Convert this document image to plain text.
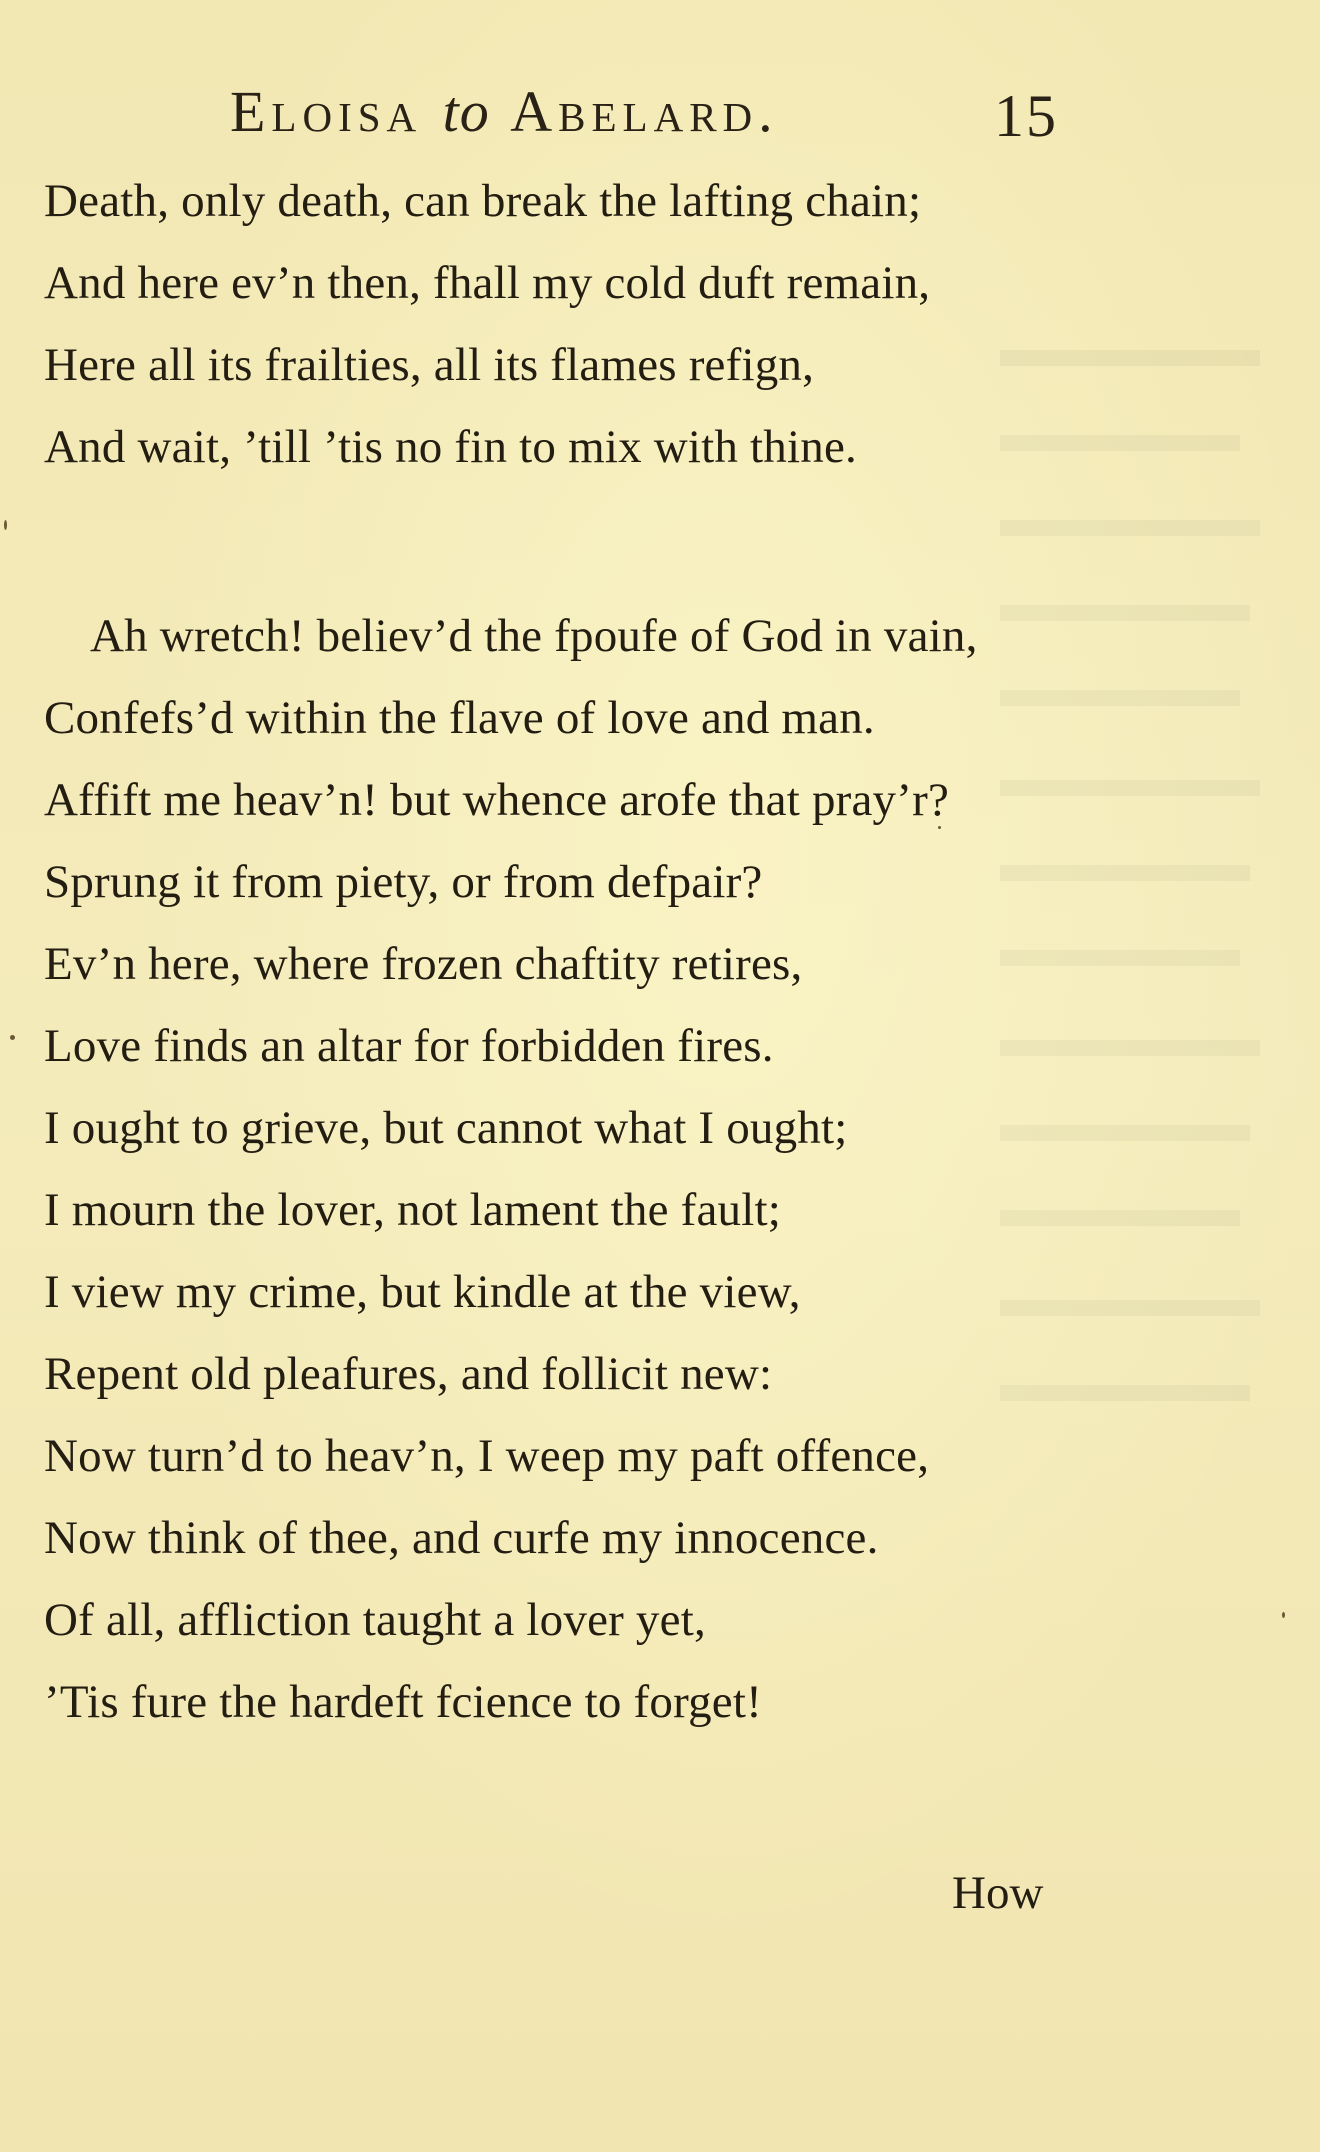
Eloisa to Abelard.	15
Death, only death, can break the lafting chain;
And here ev’n then, fhall my cold duft remain,
Here all its frailties, all its flames refign,
And wait, ’till ’tis no fin to mix with thine.
Ah wretch! believ’d the fpoufe of God in vain,
Confefs’d within the flave of love and man.
Affift me heav’n! but whence arofe that pray’r?
Sprung it from piety, or from defpair?
Ev’n here, where frozen chaftity retires,
Love finds an altar for forbidden fires.
I ought to grieve, but cannot what I ought;
I mourn the lover, not lament the fault;
I view my crime, but kindle at the view,
Repent old pleafures, and follicit new:
Now turn’d to heav’n, I weep my paft offence,
Now think of thee, and curfe my innocence.
Of all, affliction taught a lover yet,
’Tis fure the hardeft fcience to forget!
How
